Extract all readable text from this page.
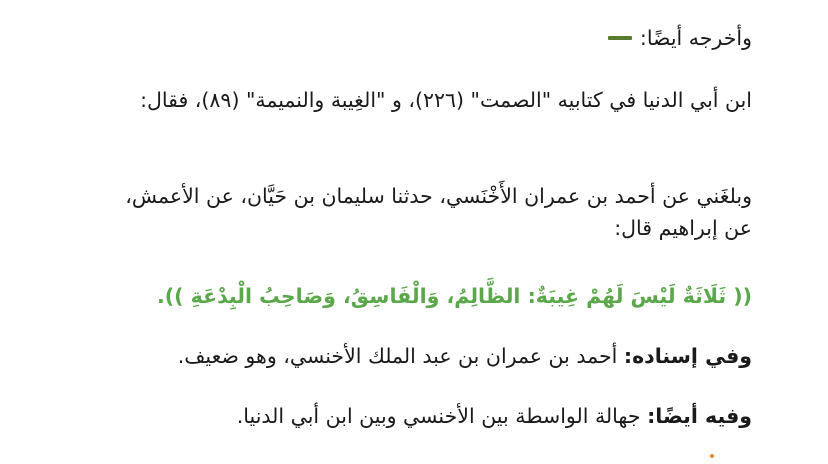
وأخرجه أيضًا:
ابن أبي الدنيا في كتابيه "الصمت" (٢٢٦)، و "الغِيبة والنميمة" (٨٩)، فقال:
وبلغَني عن أحمد بن عمران الأَخْنَسي، حدثنا سليمان بن حَيَّان، عن الأعمش، عن إبراهيم قال:
(( ثَلَاثَةٌ لَيْسَ لَهُمْ غِيبَةٌ: الظَّالِمُ، وَالْفَاسِقُ، وَصَاحِبُ الْبِدْعَةِ )).
وفي إسناده: أحمد بن عمران بن عبد الملك الأخنسي، وهو ضعيف.
وفيه أيضًا: جهالة الواسطة بين الأخنسي وبين ابن أبي الدنيا.
